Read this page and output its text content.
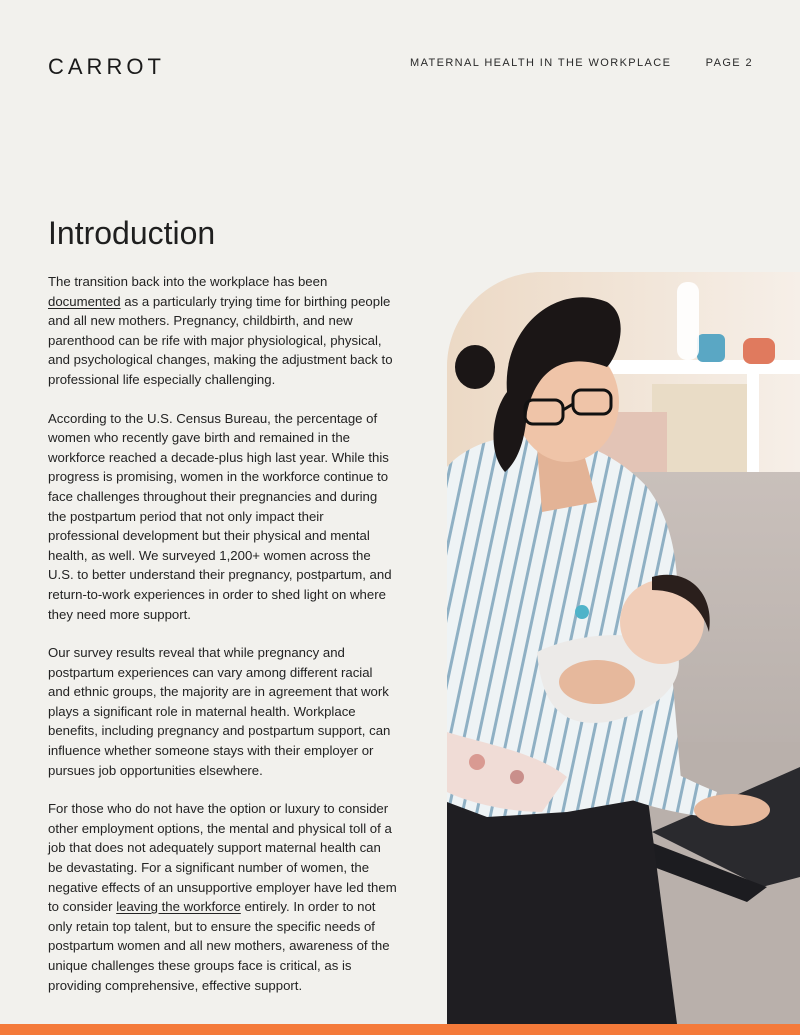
CARROT	MATERNAL HEALTH IN THE WORKPLACE	PAGE 2
Introduction

The transition back into the workplace has been documented as a particularly trying time for birthing people and all new mothers. Pregnancy, childbirth, and new parenthood can be rife with major physiological, physical, and psychological changes, making the adjustment back to professional life especially challenging.

According to the U.S. Census Bureau, the percentage of women who recently gave birth and remained in the workforce reached a decade-plus high last year. While this progress is promising, women in the workforce continue to face challenges throughout their pregnancies and during the postpartum period that not only impact their professional development but their physical and mental health, as well. We surveyed 1,200+ women across the U.S. to better understand their pregnancy, postpartum, and return-to-work experiences in order to shed light on where they need more support.

Our survey results reveal that while pregnancy and postpartum experiences can vary among different racial and ethnic groups, the majority are in agreement that work plays a significant role in maternal health. Workplace benefits, including pregnancy and postpartum support, can influence whether someone stays with their employer or pursues job opportunities elsewhere.

For those who do not have the option or luxury to consider other employment options, the mental and physical toll of a job that does not adequately support maternal health can be devastating. For a significant number of women, the negative effects of an unsupportive employer have led them to consider leaving the workforce entirely. In order to not only retain top talent, but to ensure the specific needs of postpartum women and all new mothers, awareness of the unique challenges these groups face is critical, as is providing comprehensive, effective support.
